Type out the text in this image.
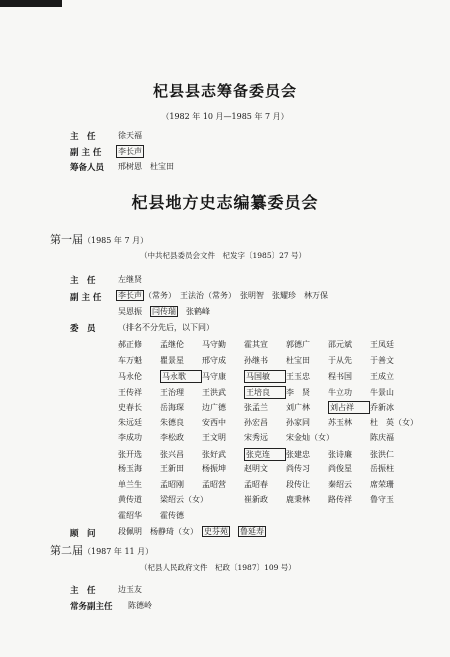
杞县县志筹备委员会
（1982 年 10 月—1985 年 7 月）
主　任	徐天福
副 主 任 李长声
筹备人员 邢树恩　杜宝田
杞县地方史志编纂委员会
第一届（1985 年 7 月）
（中共杞县委员会文件　杞发字〔1985〕27 号）
主　任	左继贤
副 主 任 李长声 （常务）　王法治（常务）　张明智　张耀珍　林万保
吴恩振　 闫传瑞　 张鹤峰
委　员	（排名不分先后，以下同）
郝正修 孟继伦 马守勤 霍其宣 郭德广 邵元斌 王凤廷
车万魁 瞿景星 邢守成 孙继书 杜宝田 于从先 于善文
马永伦	马永歌 马守康	马国敏 王玉忠 程书国 王成立
王传祥 王治理 王洪武	王培良 李　贤 牛立功 牛景山
史春长 岳海琛 边广德 张孟兰 刘广林	刘占祥 乔新冰
朱远廷 朱德良 安西中 孙宏昌 孙家同 苏玉林 杜　英（女）
李成功 李松政 王文明 宋秀远 宋金灿（女）	陈庆福
张开选 张兴昌 张好武	张克连 张建忠 张诗廉 张洪仁
杨玉海 王新田 杨振坤 赵明文 尚传习 尚俊星 岳振柱
单兰生 孟昭刚 孟昭营 孟昭春 段传让 秦绍云 席荣珊
黄传道 梁绍云（女）	崔新政 鹿秉林 路传祥 鲁守玉
霍绍华 霍传德
顾　问	段佩明　杨静琦（女）　 史芬苑　 鲁延寿
第二届（1987 年 11 月）
（杞县人民政府文件　杞政〔1987〕109 号）
主　任	边玉友
常务副主任 陈德岭
